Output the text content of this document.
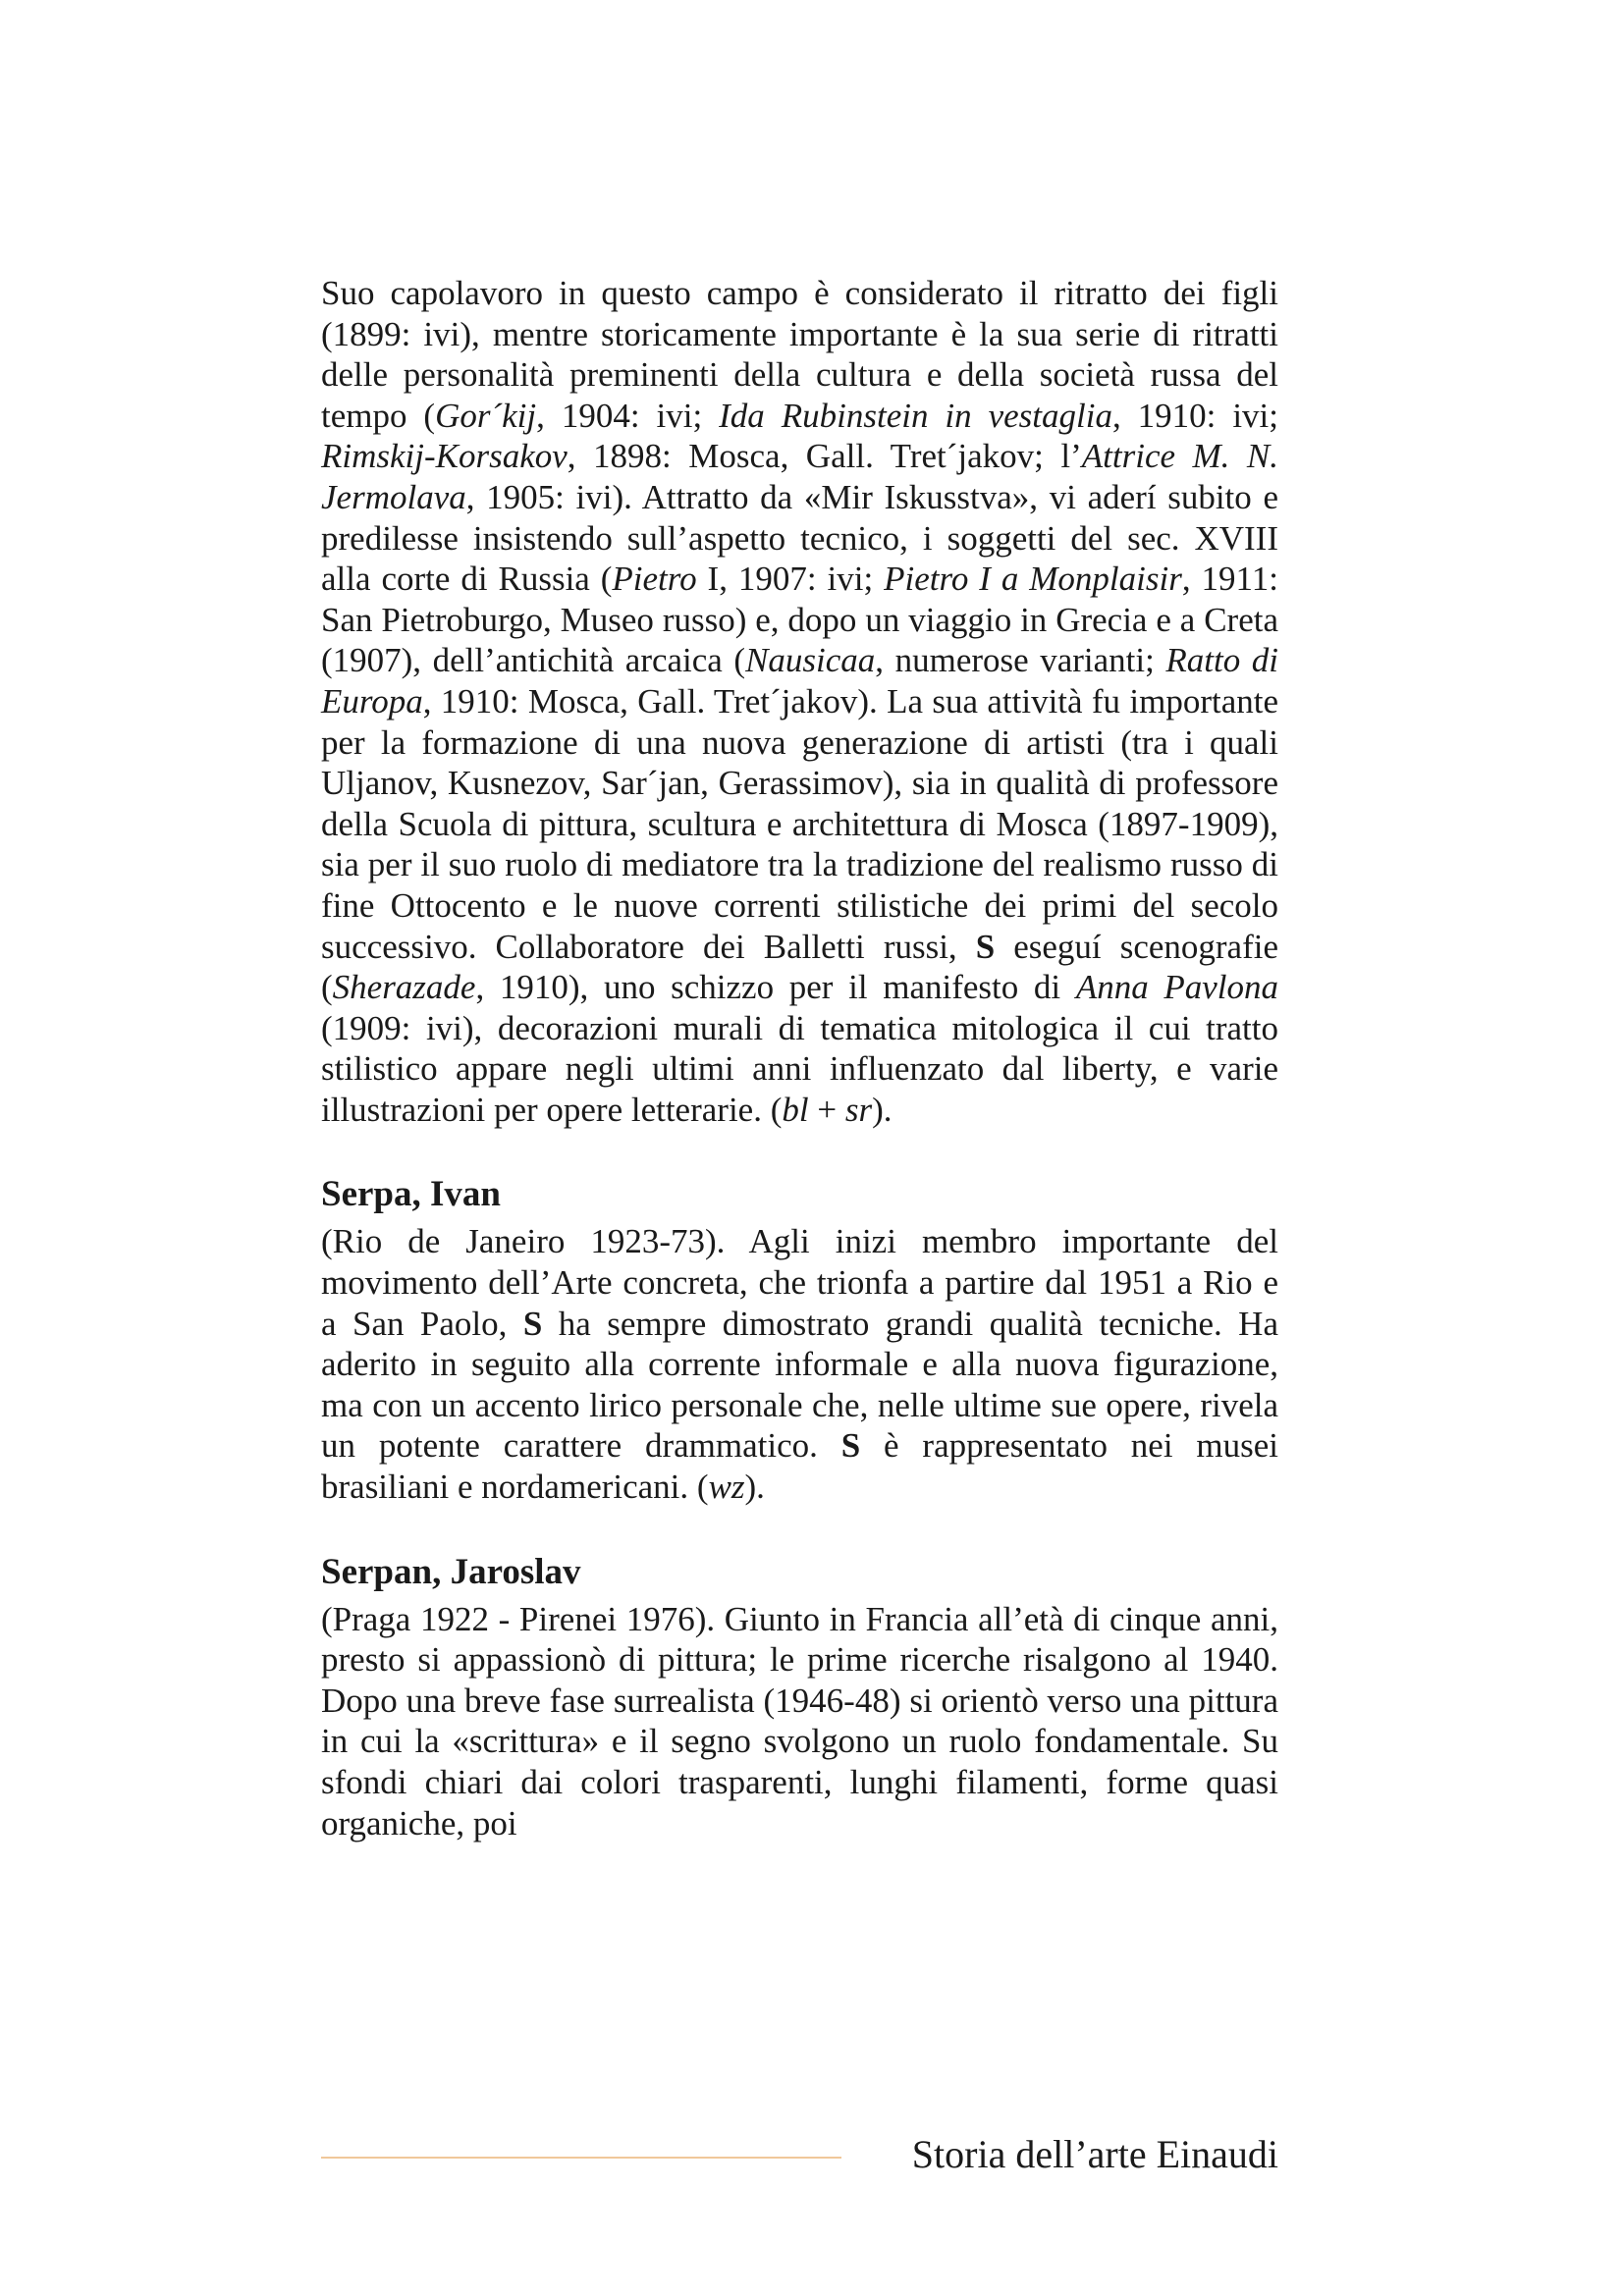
Suo capolavoro in questo campo è considerato il ritratto dei figli (1899: ivi), mentre storicamente importante è la sua serie di ritratti delle personalità preminenti della cultura e della società russa del tempo (Gor´kij, 1904: ivi; Ida Rubinstein in vestaglia, 1910: ivi; Rimskij-Korsakov, 1898: Mosca, Gall. Tret´jakov; l’Attrice M. N. Jermolava, 1905: ivi). Attratto da «Mir Iskusstva», vi aderí subito e predilesse insistendo sull’aspetto tecnico, i soggetti del sec. XVIII alla corte di Russia (Pietro I, 1907: ivi; Pietro I a Monplaisir, 1911: San Pietroburgo, Museo russo) e, dopo un viaggio in Grecia e a Creta (1907), dell’antichità arcaica (Nausicaa, numerose varianti; Ratto di Europa, 1910: Mosca, Gall. Tret´jakov). La sua attività fu importante per la formazione di una nuova generazione di artisti (tra i quali Uljanov, Kusnezov, Sar´jan, Gerassimov), sia in qualità di professore della Scuola di pittura, scultura e architettura di Mosca (1897-1909), sia per il suo ruolo di mediatore tra la tradizione del realismo russo di fine Ottocento e le nuove correnti stilistiche dei primi del secolo successivo. Collaboratore dei Balletti russi, S eseguí scenografie (Sherazade, 1910), uno schizzo per il manifesto di Anna Pavlona (1909: ivi), decorazioni murali di tematica mitologica il cui tratto stilistico appare negli ultimi anni influenzato dal liberty, e varie illustrazioni per opere letterarie. (bl + sr).

Serpa, Ivan

(Rio de Janeiro 1923-73). Agli inizi membro importante del movimento dell’Arte concreta, che trionfa a partire dal 1951 a Rio e a San Paolo, S ha sempre dimostrato grandi qualità tecniche. Ha aderito in seguito alla corrente informale e alla nuova figurazione, ma con un accento lirico personale che, nelle ultime sue opere, rivela un potente carattere drammatico. S è rappresentato nei musei brasiliani e nordamericani. (wz).

Serpan, Jaroslav

(Praga 1922 - Pirenei 1976). Giunto in Francia all’età di cinque anni, presto si appassionò di pittura; le prime ricerche risalgono al 1940. Dopo una breve fase surrealista (1946-48) si orientò verso una pittura in cui la «scrittura» e il segno svolgono un ruolo fondamentale. Su sfondi chiari dai colori trasparenti, lunghi filamenti, forme quasi organiche, poi

Storia dell’arte Einaudi
